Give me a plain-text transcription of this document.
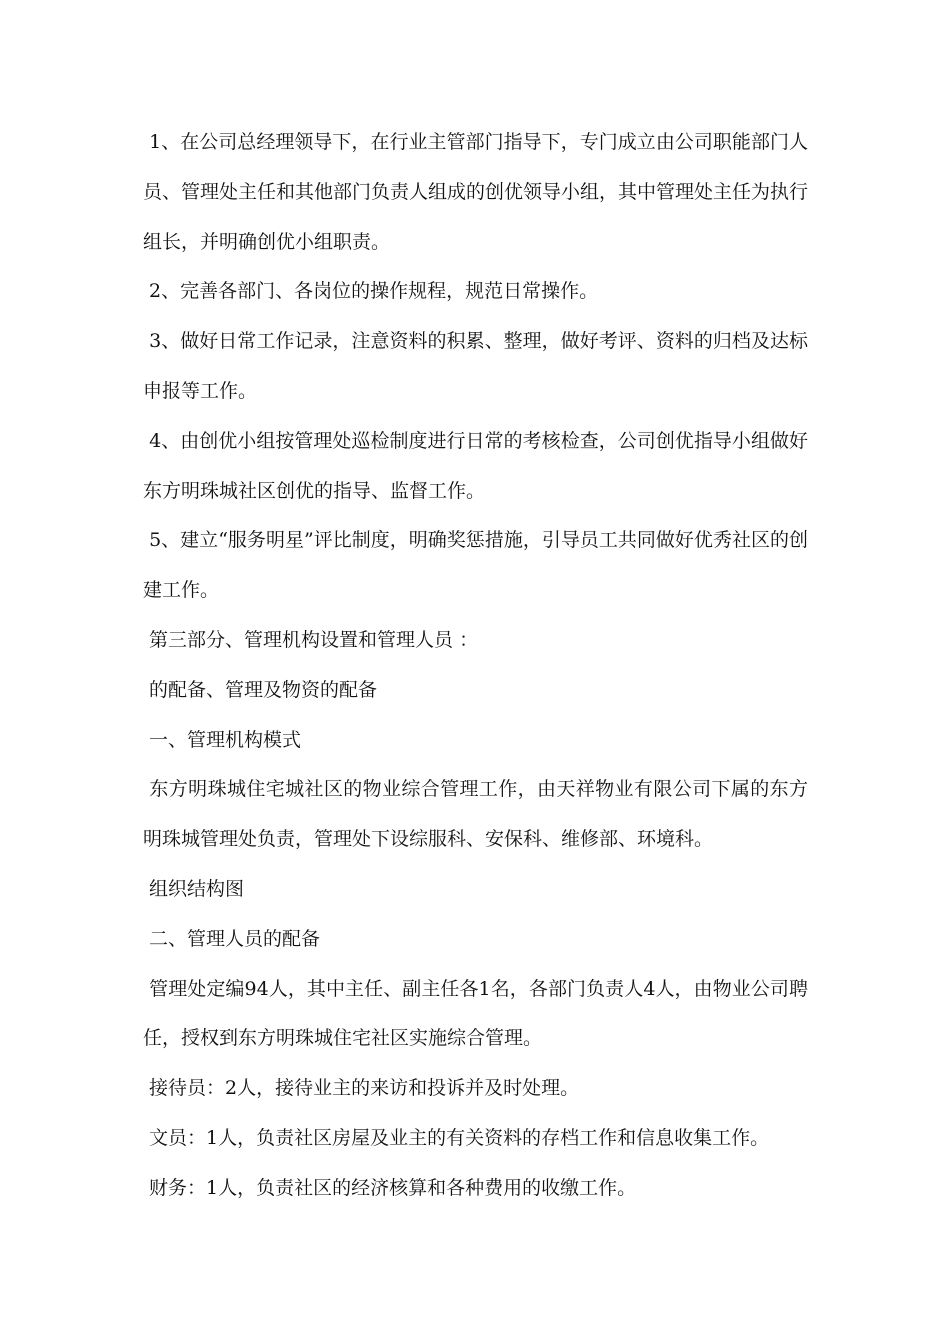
1、在公司总经理领导下，在行业主管部门指导下，专门成立由公司职能部门人员、管理处主任和其他部门负责人组成的创优领导小组，其中管理处主任为执行组长，并明确创优小组职责。

2、完善各部门、各岗位的操作规程，规范日常操作。

3、做好日常工作记录，注意资料的积累、整理，做好考评、资料的归档及达标申报等工作。

4、由创优小组按管理处巡检制度进行日常的考核检查，公司创优指导小组做好东方明珠城社区创优的指导、监督工作。

5、建立“服务明星”评比制度，明确奖惩措施，引导员工共同做好优秀社区的创建工作。

第三部分、管理机构设置和管理人员 ：

的配备、管理及物资的配备

一、管理机构模式

东方明珠城住宅城社区的物业综合管理工作，由天祥物业有限公司下属的东方明珠城管理处负责，管理处下设综服科、安保科、维修部、环境科。

组织结构图

二、管理人员的配备

管理处定编94人，其中主任、副主任各1名，各部门负责人4人，由物业公司聘任，授权到东方明珠城住宅社区实施综合管理。

接待员：2人，接待业主的来访和投诉并及时处理。

文员：1人，负责社区房屋及业主的有关资料的存档工作和信息收集工作。

财务：1人，负责社区的经济核算和各种费用的收缴工作。
